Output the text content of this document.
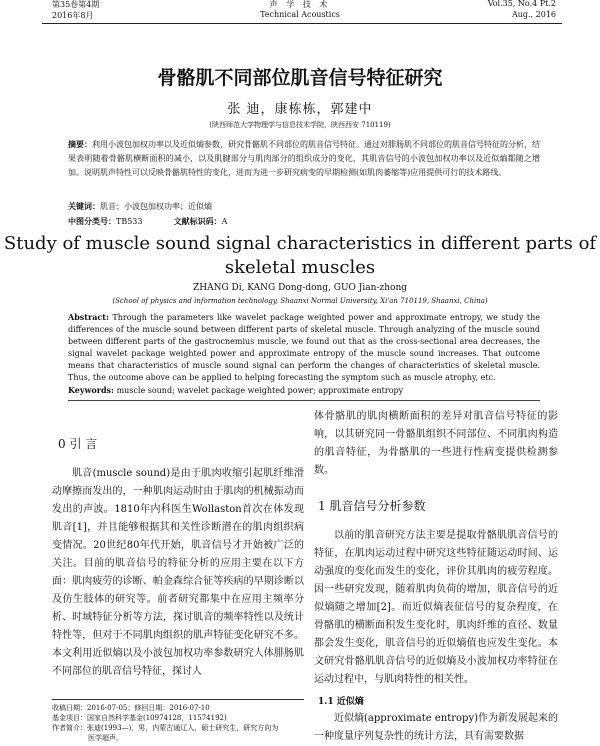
第35卷第4期
2016年8月
声 学 技 术
Technical Acoustics
Vol.35, No.4 Pt.2
Aug., 2016
骨骼肌不同部位肌音信号特征研究
张 迪，康栋栋，郭建中
(陕西师范大学物理学与信息技术学院，陕西西安 710119)
摘要：利用小波包加权功率以及近似熵参数，研究骨骼肌不同部位的肌音信号特征。通过对腓肠肌不同部位的肌音信号特征的分析，结果表明随着骨骼肌横断面积的减小，以及肌腱部分与肌肉部分的组织成分的变化，其肌音信号的小波包加权功率以及近似熵都随之增加。说明肌声特性可以反映骨骼肌特性的变化，进而为进一步研究病变的早期检测(如肌肉萎缩等)应用提供可行的技术路线。
关键词：肌音；小波包加权功率；近似熵
中图分类号：TB533	文献标识码：A
Study of muscle sound signal characteristics in different parts of
skeletal muscles
ZHANG Di, KANG Dong-dong, GUO Jian-zhong
(School of physics and information technology, Shaanxi Normal University, Xi'an 710119, Shaanxi, China)
Abstract: Through the parameters like wavelet package weighted power and approximate entropy, we study the differences of the muscle sound between different parts of skeletal muscle. Through analyzing of the muscle sound between different parts of the gastrocnemius muscle, we found out that as the cross-sectional area decreases, the signal wavelet package weighted power and approximate entropy of the muscle sound increases. That outcome means that characteristics of muscle sound signal can perform the changes of characteristics of skeletal muscle. Thus, the outcome above can be applied to helping forecasting the symptom such as muscle atrophy, etc.
Keywords: muscle sound; wavelet package weighted power; approximate entropy
0 引 言
肌音(muscle sound)是由于肌肉收缩引起肌纤维滑动摩擦而发出的，一种肌肉运动时由于肌肉的机械振动而发出的声波。1810年内科医生Wollaston首次在体发现肌音[1]，并且能够根据其和关性诊断潜在的肌肉组织病变情况。20世纪80年代开始，肌音信号才开始被广泛的关注。目前的肌音信号的特征分析的应用主要在以下方面：肌肉疲劳的诊断、帕金森综合征等疾病的早期诊断以及仿生肢体的研究等。前者研究都集中在应用主频率分析、时域特征分析等方法，探讨肌音的频率特性以及统计特性等，但对于不同肌肉组织的肌声特征变化研究不多。本文利用近似熵以及小波包加权功率参数研究人体腓肠肌不同部位的肌音信号特征，探讨人
收稿日期：2016-07-05；修回日期：2016-07-10
基金项目：国家自然科学基金(10974128，11574192)
作者简介：张迪(1993—)，男，内蒙古通辽人，硕士研究生，研究方向为
医学超声。
体骨骼肌的肌肉横断面积的差异对肌音信号特征的影响，以其研究同一骨骼肌组织不同部位、不同肌肉构造的肌音特征，为骨骼肌的一些进行性病变提供检测参数。
1 肌音信号分析参数
以前的肌音研究方法主要是提取骨骼肌肌音信号的特征，在肌肉运动过程中研究这些特征随运动时间、运动强度的变化而发生的变化，评价其肌肉的疲劳程度。因一些研究发现，随着肌肉负荷的增加，肌音信号的近似熵随之增加[2]。而近似熵表征信号的复杂程度，在骨骼肌的横断面积发生变化时，肌肉纤维的直径、数量都会发生变化，肌音信号的近似熵值也应发生变化。本文研究骨骼肌肌音信号的近似熵及小波加权功率特征在运动过程中，与肌肉特性的相关性。
1.1 近似熵
近似熵(approximate entropy)作为新发展起来的一种度量序列复杂性的统计方法，具有需要数据
